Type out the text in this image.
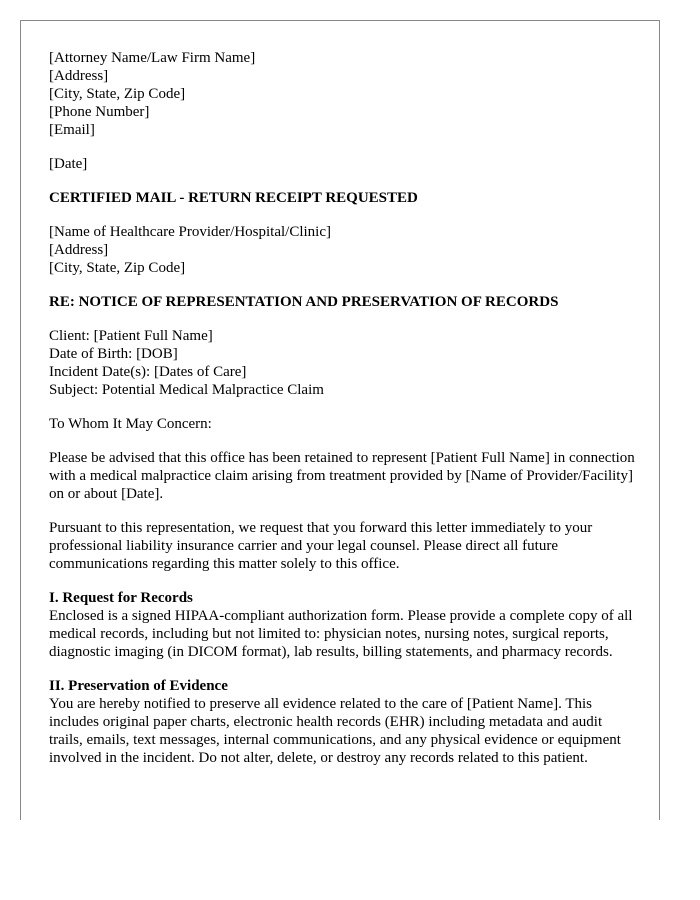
[Attorney Name/Law Firm Name]
[Address]
[City, State, Zip Code]
[Phone Number]
[Email]
[Date]
CERTIFIED MAIL - RETURN RECEIPT REQUESTED
[Name of Healthcare Provider/Hospital/Clinic]
[Address]
[City, State, Zip Code]
RE: NOTICE OF REPRESENTATION AND PRESERVATION OF RECORDS
Client: [Patient Full Name]
Date of Birth: [DOB]
Incident Date(s): [Dates of Care]
Subject: Potential Medical Malpractice Claim
To Whom It May Concern:

Please be advised that this office has been retained to represent [Patient Full Name] in connection with a medical malpractice claim arising from treatment provided by [Name of Provider/Facility] on or about [Date].

Pursuant to this representation, we request that you forward this letter immediately to your professional liability insurance carrier and your legal counsel. Please direct all future communications regarding this matter solely to this office.

I. Request for Records
Enclosed is a signed HIPAA-compliant authorization form. Please provide a complete copy of all medical records, including but not limited to: physician notes, nursing notes, surgical reports, diagnostic imaging (in DICOM format), lab results, billing statements, and pharmacy records.
II. Preservation of Evidence
You are hereby notified to preserve all evidence related to the care of [Patient Name]. This includes original paper charts, electronic health records (EHR) including metadata and audit trails, emails, text messages, internal communications, and any physical evidence or equipment involved in the incident. Do not alter, delete, or destroy any records related to this patient.
